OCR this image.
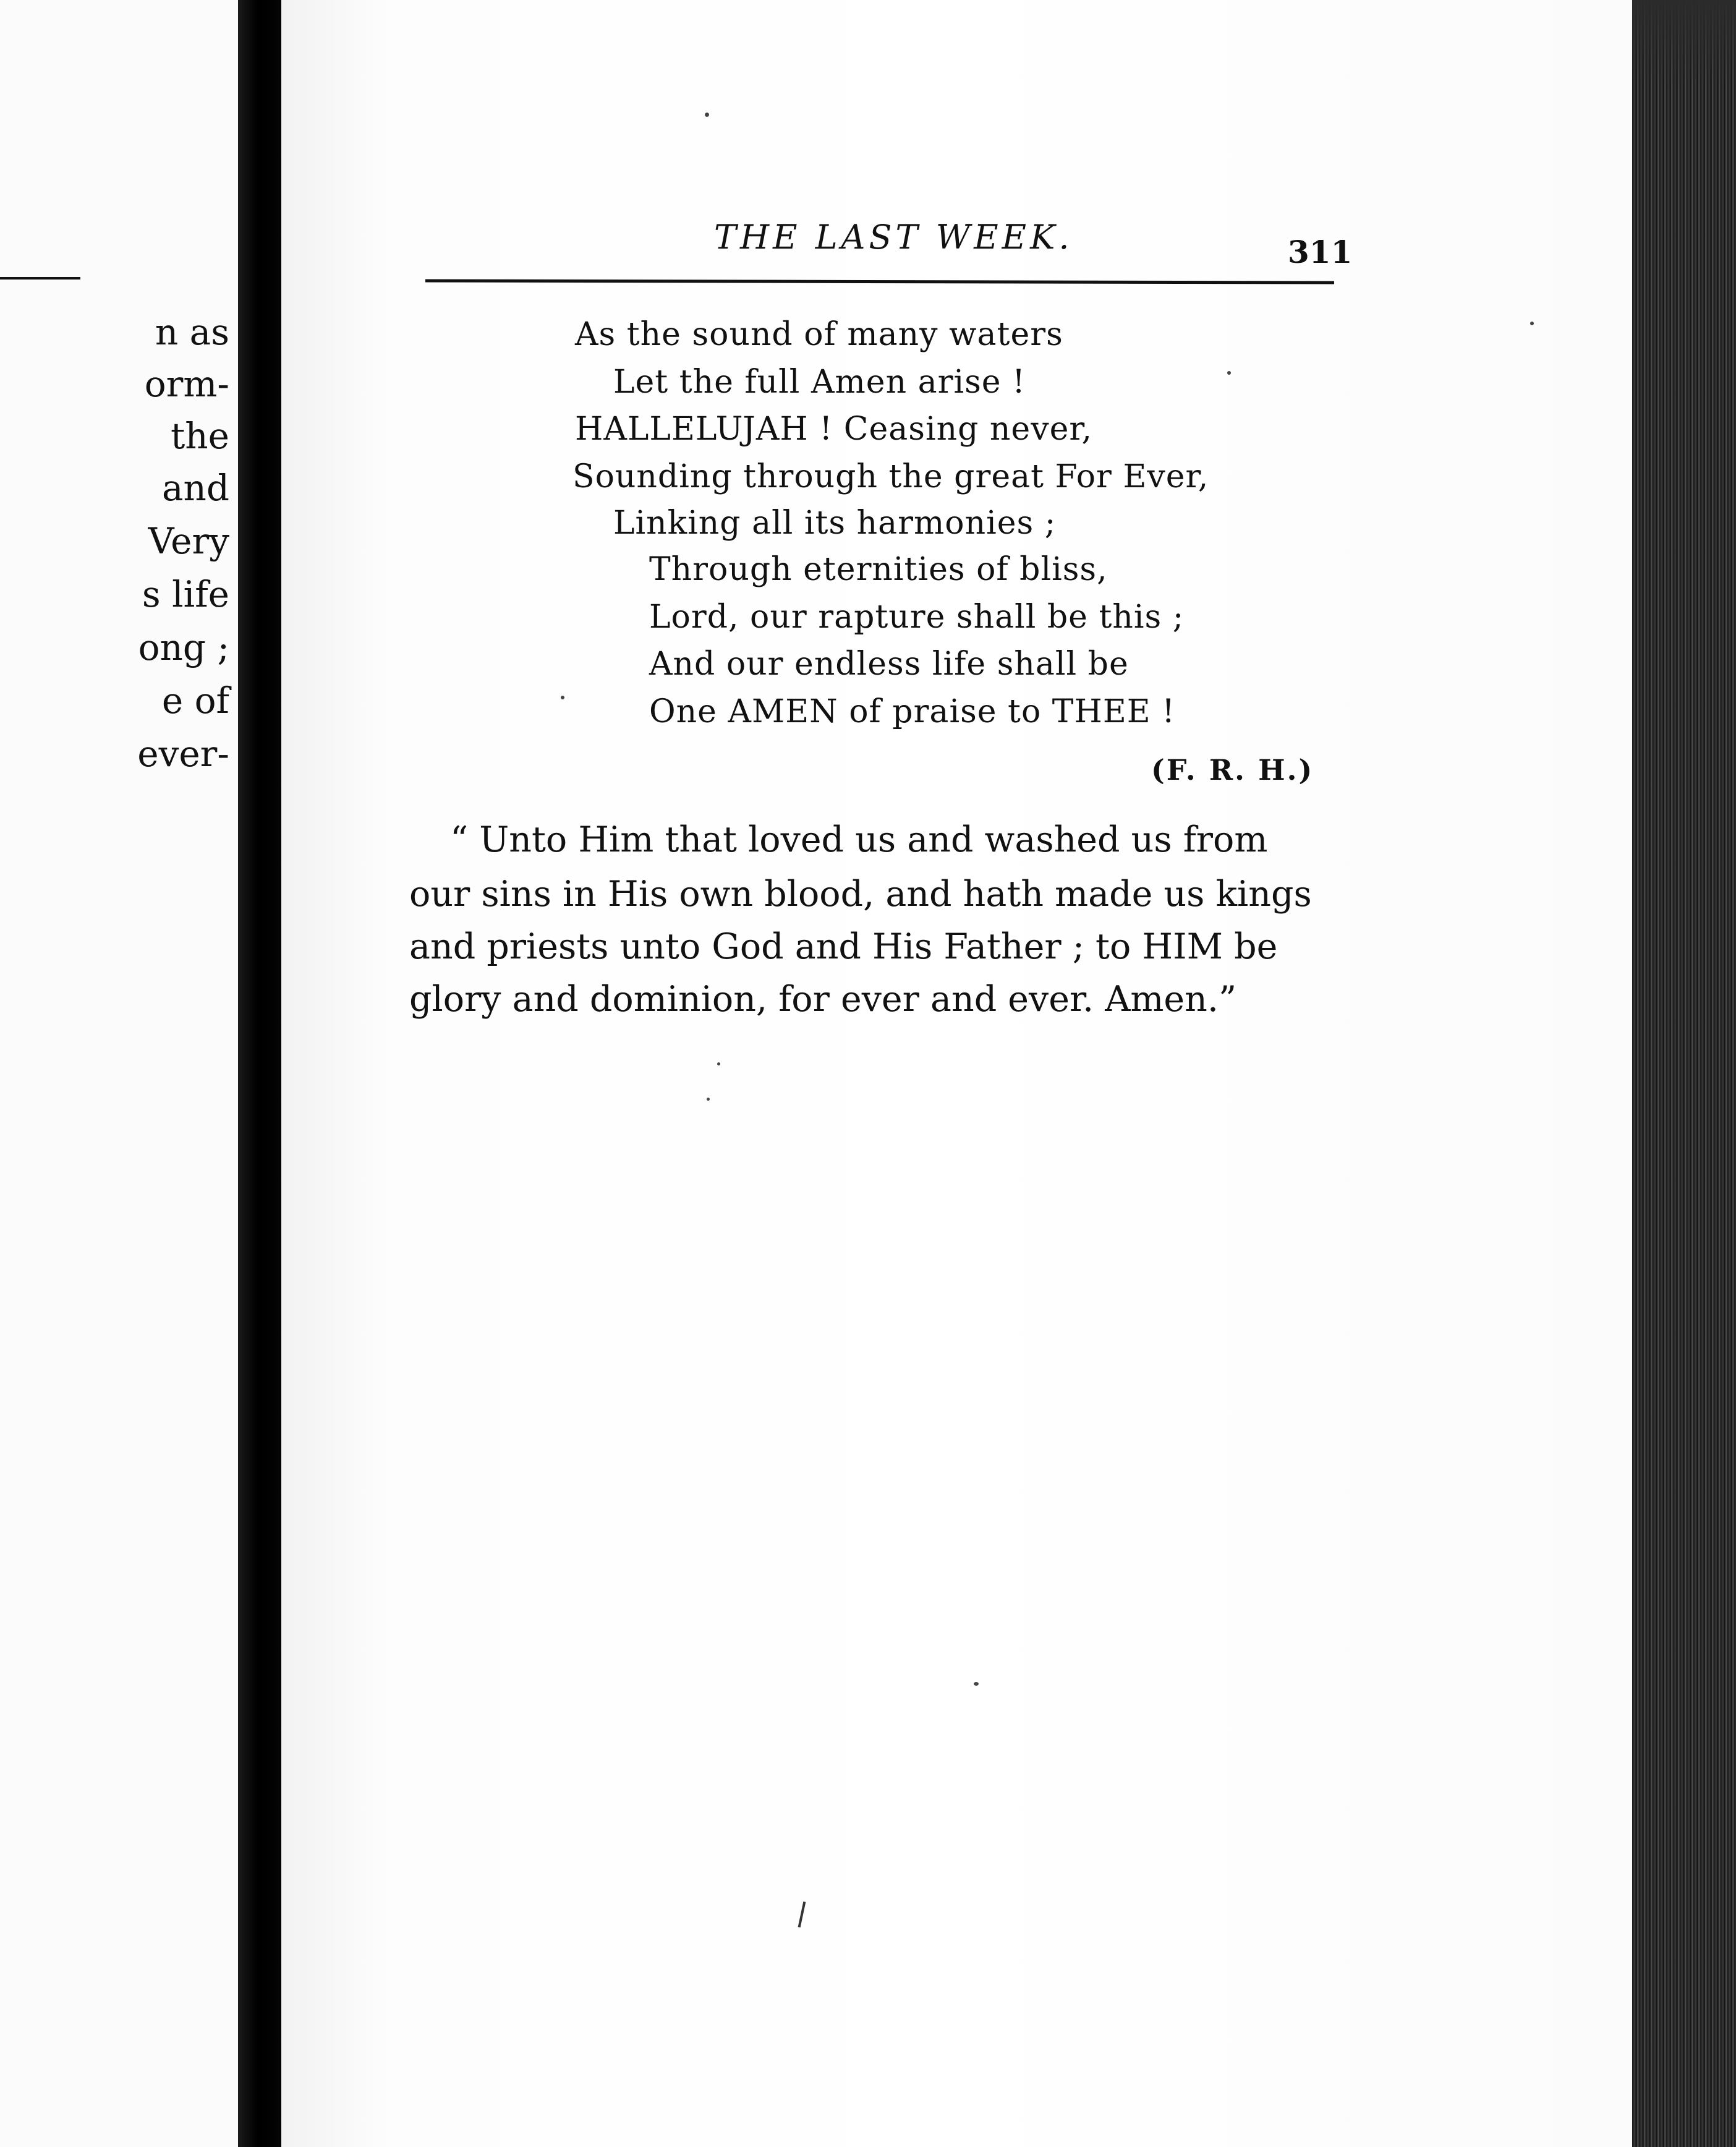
n as
orm-
the
and
Very
s life
ong ;
e of
ever-
THE LAST WEEK.	311
As the sound of many waters
Let the full Amen arise !
HALLELUJAH ! Ceasing never,
Sounding through the great For Ever,
Linking all its harmonies ;
Through eternities of bliss,
Lord, our rapture shall be this ;
And our endless life shall be
One AMEN of praise to THEE !
(F. R. H.)
“ Unto Him that loved us and washed us from
our sins in His own blood, and hath made us kings
and priests unto God and His Father ; to HIM be
glory and dominion, for ever and ever. Amen.”
